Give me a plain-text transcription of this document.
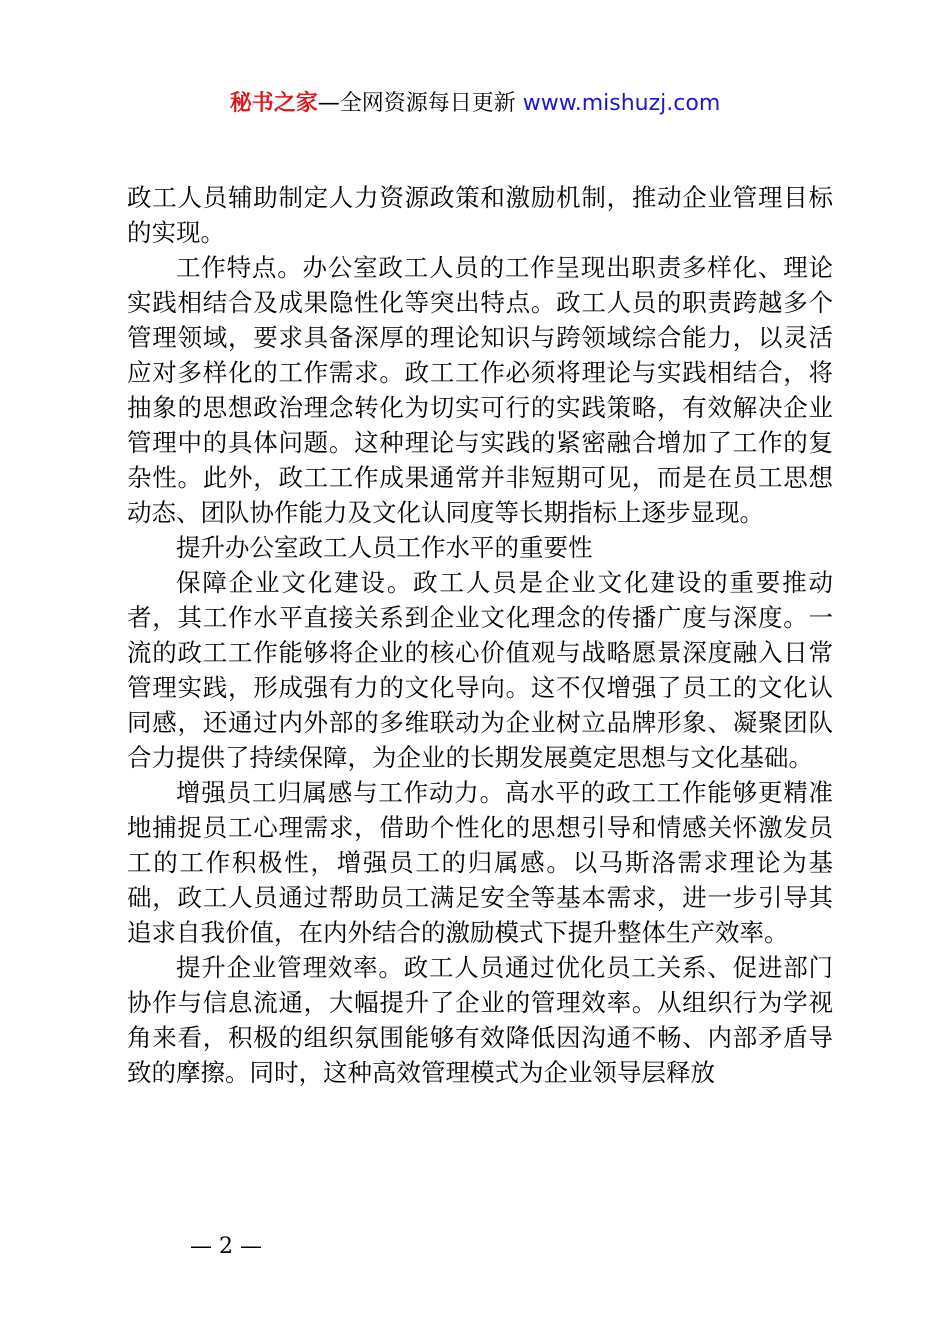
秘书之家—全网资源每日更新 www.mishuzj.com

政工人员辅助制定人力资源政策和激励机制，推动企业管理目标的实现。

工作特点。办公室政工人员的工作呈现出职责多样化、理论实践相结合及成果隐性化等突出特点。政工人员的职责跨越多个管理领域，要求具备深厚的理论知识与跨领域综合能力，以灵活应对多样化的工作需求。政工工作必须将理论与实践相结合，将抽象的思想政治理念转化为切实可行的实践策略，有效解决企业管理中的具体问题。这种理论与实践的紧密融合增加了工作的复杂性。此外，政工工作成果通常并非短期可见，而是在员工思想动态、团队协作能力及文化认同度等长期指标上逐步显现。

提升办公室政工人员工作水平的重要性

保障企业文化建设。政工人员是企业文化建设的重要推动者，其工作水平直接关系到企业文化理念的传播广度与深度。一流的政工工作能够将企业的核心价值观与战略愿景深度融入日常管理实践，形成强有力的文化导向。这不仅增强了员工的文化认同感，还通过内外部的多维联动为企业树立品牌形象、凝聚团队合力提供了持续保障，为企业的长期发展奠定思想与文化基础。

增强员工归属感与工作动力。高水平的政工工作能够更精准地捕捉员工心理需求，借助个性化的思想引导和情感关怀激发员工的工作积极性，增强员工的归属感。以马斯洛需求理论为基础，政工人员通过帮助员工满足安全等基本需求，进一步引导其追求自我价值，在内外结合的激励模式下提升整体生产效率。

提升企业管理效率。政工人员通过优化员工关系、促进部门协作与信息流通，大幅提升了企业的管理效率。从组织行为学视角来看，积极的组织氛围能够有效降低因沟通不畅、内部矛盾导致的摩擦。同时，这种高效管理模式为企业领导层释放

— 2 —
